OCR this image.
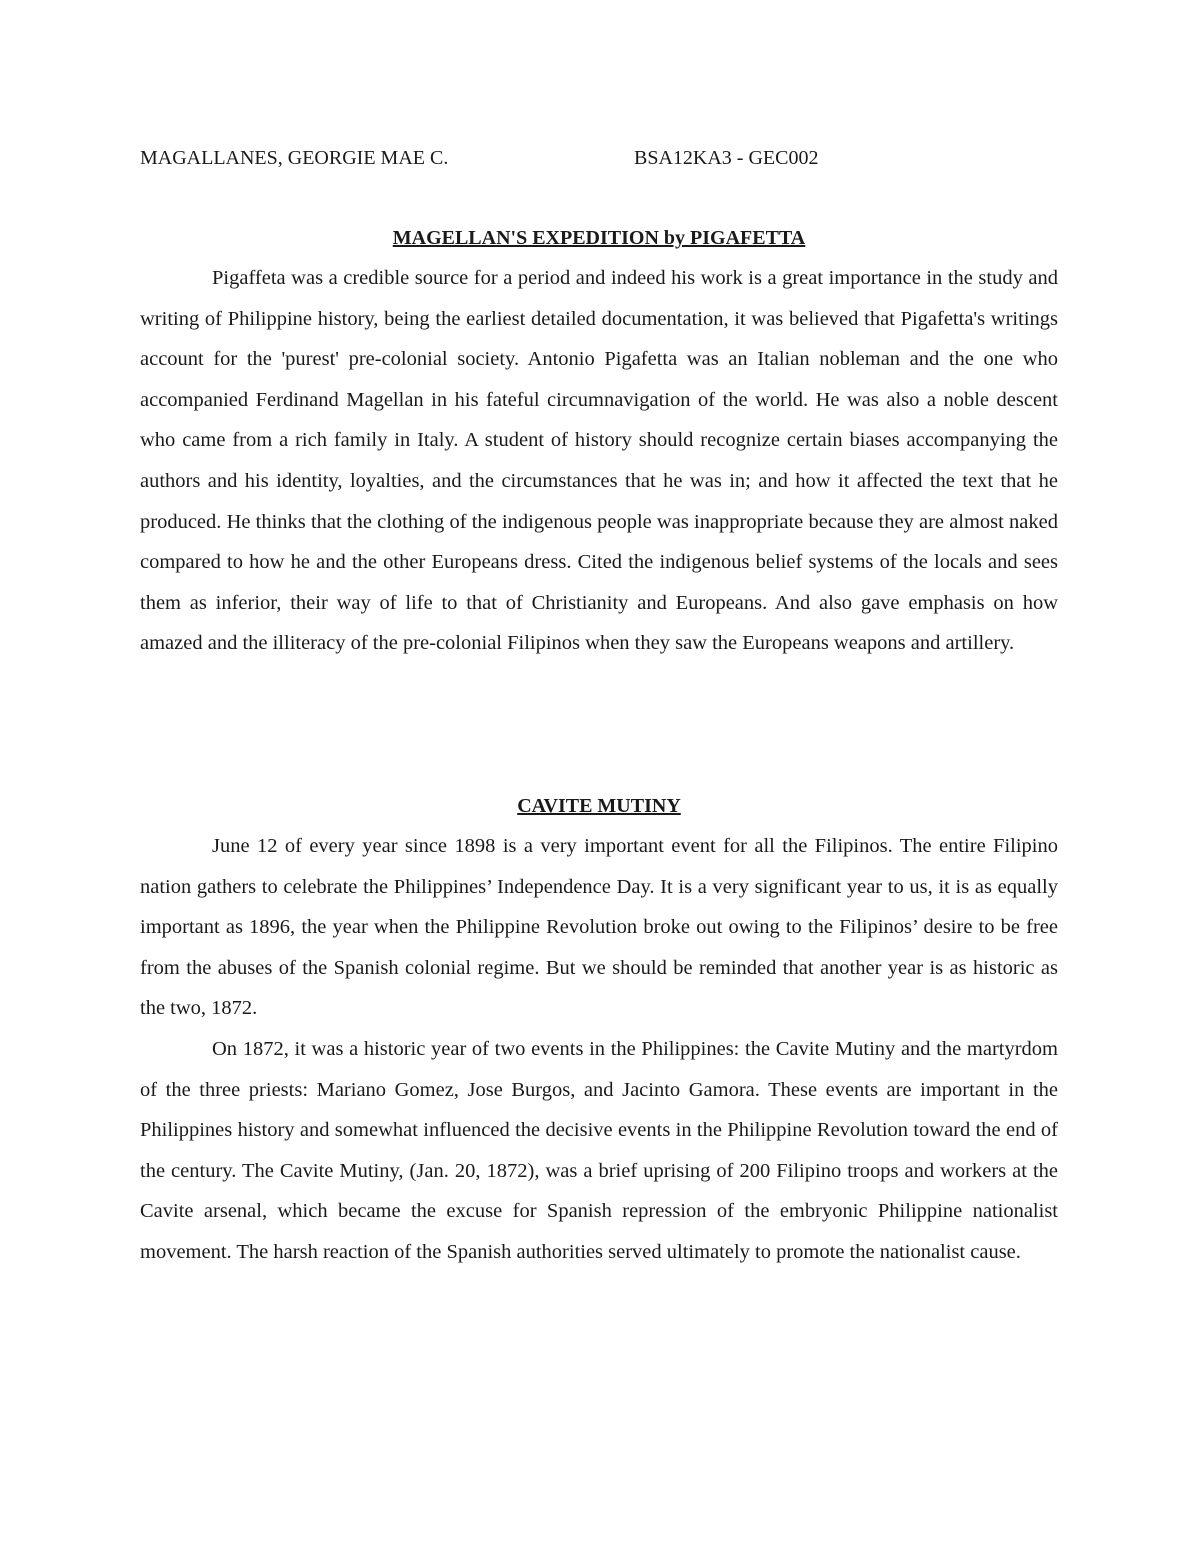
MAGALLANES, GEORGIE MAE C.	BSA12KA3 - GEC002
MAGELLAN'S EXPEDITION by PIGAFETTA

Pigaffeta was a credible source for a period and indeed his work is a great importance in the study and writing of Philippine history, being the earliest detailed documentation, it was believed that Pigafetta's writings account for the 'purest' pre-colonial society. Antonio Pigafetta was an Italian nobleman and the one who accompanied Ferdinand Magellan in his fateful circumnavigation of the world. He was also a noble descent who came from a rich family in Italy. A student of history should recognize certain biases accompanying the authors and his identity, loyalties, and the circumstances that he was in; and how it affected the text that he produced. He thinks that the clothing of the indigenous people was inappropriate because they are almost naked compared to how he and the other Europeans dress. Cited the indigenous belief systems of the locals and sees them as inferior, their way of life to that of Christianity and Europeans. And also gave emphasis on how amazed and the illiteracy of the pre-colonial Filipinos when they saw the Europeans weapons and artillery.

CAVITE MUTINY

June 12 of every year since 1898 is a very important event for all the Filipinos. The entire Filipino nation gathers to celebrate the Philippines’ Independence Day. It is a very significant year to us, it is as equally important as 1896, the year when the Philippine Revolution broke out owing to the Filipinos’ desire to be free from the abuses of the Spanish colonial regime. But we should be reminded that another year is as historic as the two, 1872.

On 1872, it was a historic year of two events in the Philippines: the Cavite Mutiny and the martyrdom of the three priests: Mariano Gomez, Jose Burgos, and Jacinto Gamora. These events are important in the Philippines history and somewhat influenced the decisive events in the Philippine Revolution toward the end of the century. The Cavite Mutiny, (Jan. 20, 1872), was a brief uprising of 200 Filipino troops and workers at the Cavite arsenal, which became the excuse for Spanish repression of the embryonic Philippine nationalist movement. The harsh reaction of the Spanish authorities served ultimately to promote the nationalist cause.
